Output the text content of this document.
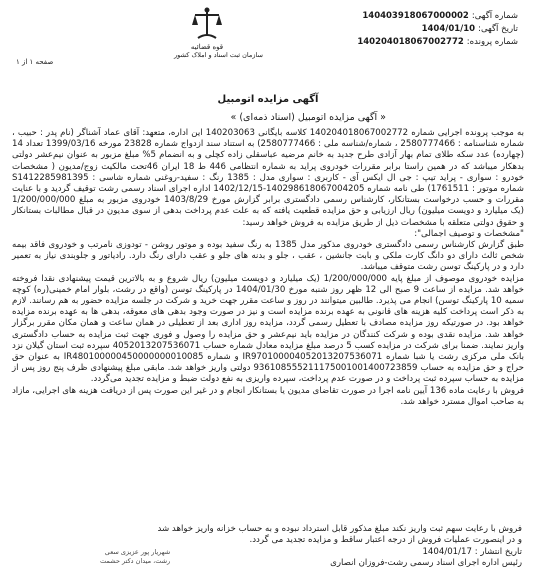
شماره آگهی:
140403918067000002
تاریخ آگهی:
1404/01/10
شماره پرونده:
140204018067002772
قوه قضائیه
سازمان ثبت اسناد و املاک کشور
صفحه ۱ از ۱
آگهی مزایده اتومبیل
« آگهی مزایده اتومبیل (اسناد ذمه‌ای) »

به موجب پرونده اجرایی شماره 140204018067002772 کلاسه بایگانی 140203063 این اداره، متعهد: آقای عماد آشناگر (نام پدر : حبیب ، شماره شناسنامه : 2580777466 ، شماره/شناسه ملی : 2580777466) به استناد سند ازدواج شماره 23828 مورخه 1399/03/16 تعداد 14 (چهارده) عدد سکه طلای تمام بهار آزادی طرح جدید به خانم مرضیه عباسقلی زاده کچلی و به انضمام 5% مبلغ مزبور به عنوان نیم‌عشر دولتی بدهکار میباشد که در همین راستا برابر مقررات خودروی پراید به شماره انتظامی 446 ط 18 ایران 46تحت مالکیت زوج/مدیون ( مشخصات خودرو : سواری - پراید تیپ : جی ال ایکس آی - کاربری : سواری مدل : 1385 رنگ : سفید-روغنی شماره شاسی : S1412285981395 شماره موتور : 1761511) طی نامه شماره 140298618067004205-1402/12/15 اداره اجرای اسناد رسمی رشت توقیف گردید و با عنایت مقررات و حسب درخواست بستانکار، کارشناس رسمی دادگستری برابر گزارش مورخ 1403/8/29 خودروی مزبور به مبلغ 1/200/000/000 (یک میلیارد و دویست میلیون) ریال ارزیابی و حق مزایده قطعیت یافته که به علت عدم پرداخت بدهی از سوی مدیون در قبال مطالبات بستانکار و حقوق دولتی متعلقه با مشخصات ذیل از طریق مزایده به فروش خواهد رسید:

"مشخصات و توصیف اجمالی":

طبق گزارش کارشناس رسمی دادگستری خودروی مذکور مدل 1385 به رنگ سفید بوده و موتور روشن - تودوزی نامرتب و خودروی فاقد بیمه شخص ثالث دارای دو دانگ کارت ملکی و بابت جانشین ، عقب ، جلو و بدنه های جلو و عقب دارای رنگ دارد. رادیاتور و جلوبندی نیاز به تعمیر دارد و در پارکینگ توسن رشت متوقف میباشد.

مزایده خودروی موصوف از مبلغ پایه 1/200/000/000 (یک میلیارد و دویست میلیون) ریال شروع و به بالاترین قیمت پیشنهادی نقدا فروخته خواهد شد. مزایده از ساعت 9 صبح الی 12 ظهر روز شنبه مورخ 1404/01/30 در پارکینگ توسن (واقع در رشت، بلوار امام خمینی(ره) کوچه سمیه 10 پارکینگ توسن) انجام می پذیرد. طالبین میتوانند در روز و ساعت مقرر جهت خرید و شرکت در جلسه مزایده حضور به هم رسانند. لازم به ذکر است پرداخت کلیه هزینه های قانونی به عهده برنده مزایده است و نیز در صورت وجود بدهی های معوقه، بدهی ها به عهده برنده مزایده خواهد بود. در صورتیکه روز مزایده مصادف با تعطیل رسمی گردد، مزایده روز اداری بعد از تعطیلی در همان ساعت و همان مکان مقرر برگزار خواهد شد. مزایده نقدی بوده و شرکت کنندگان در مزایده باید نیم‌عشر و حق مزایده را وصول و فوری جهت ثبت مزایده به حساب دادگستری واریز نمایند. ضمنا برای شرکت در مزایده کسب 5 درصد مبلغ مزایده معادل شماره حساب 4052013207536071 سپرده ثبت استان گیلان نزد بانک ملی مرکزی رشت یا شبا شماره IR970100004052013207536071 و شماره IR480100000450000000010085 به عنوان حق حراج و حق مزایده به حساب 936108555211175001001400723859 دولتی واریز خواهد شد. مابقی مبلغ پیشنهادی ظرف پنج روز پس از مزایده به حساب سپرده ثبت پرداخت و در صورت عدم پرداخت، سپرده واریزی به نفع دولت ضبط و مزایده تجدید می‌گردد.

فروش با رعایت ماده 136 آیین نامه اجرا در صورت تقاضای مدیون یا بستانکار انجام و در غیر این صورت پس از دریافت هزینه های اجرایی، مازاد به صاحب اموال مسترد خواهد شد.

فروش با رعایت سهم ثبت واریز نکند مبلغ مذکور قابل استرداد نبوده و به حساب خزانه واریز خواهد شد
و در اینصورت عملیات فروش از درجه اعتبار ساقط و مزایده تجدید می گردد.
تاریخ انتشار : 1404/01/17
رئیس اداره اجرای اسناد رسمی رشت-فروزان انصاری
شهریار پور عزیزی سعی
رشت، میدان دکتر حشمت
